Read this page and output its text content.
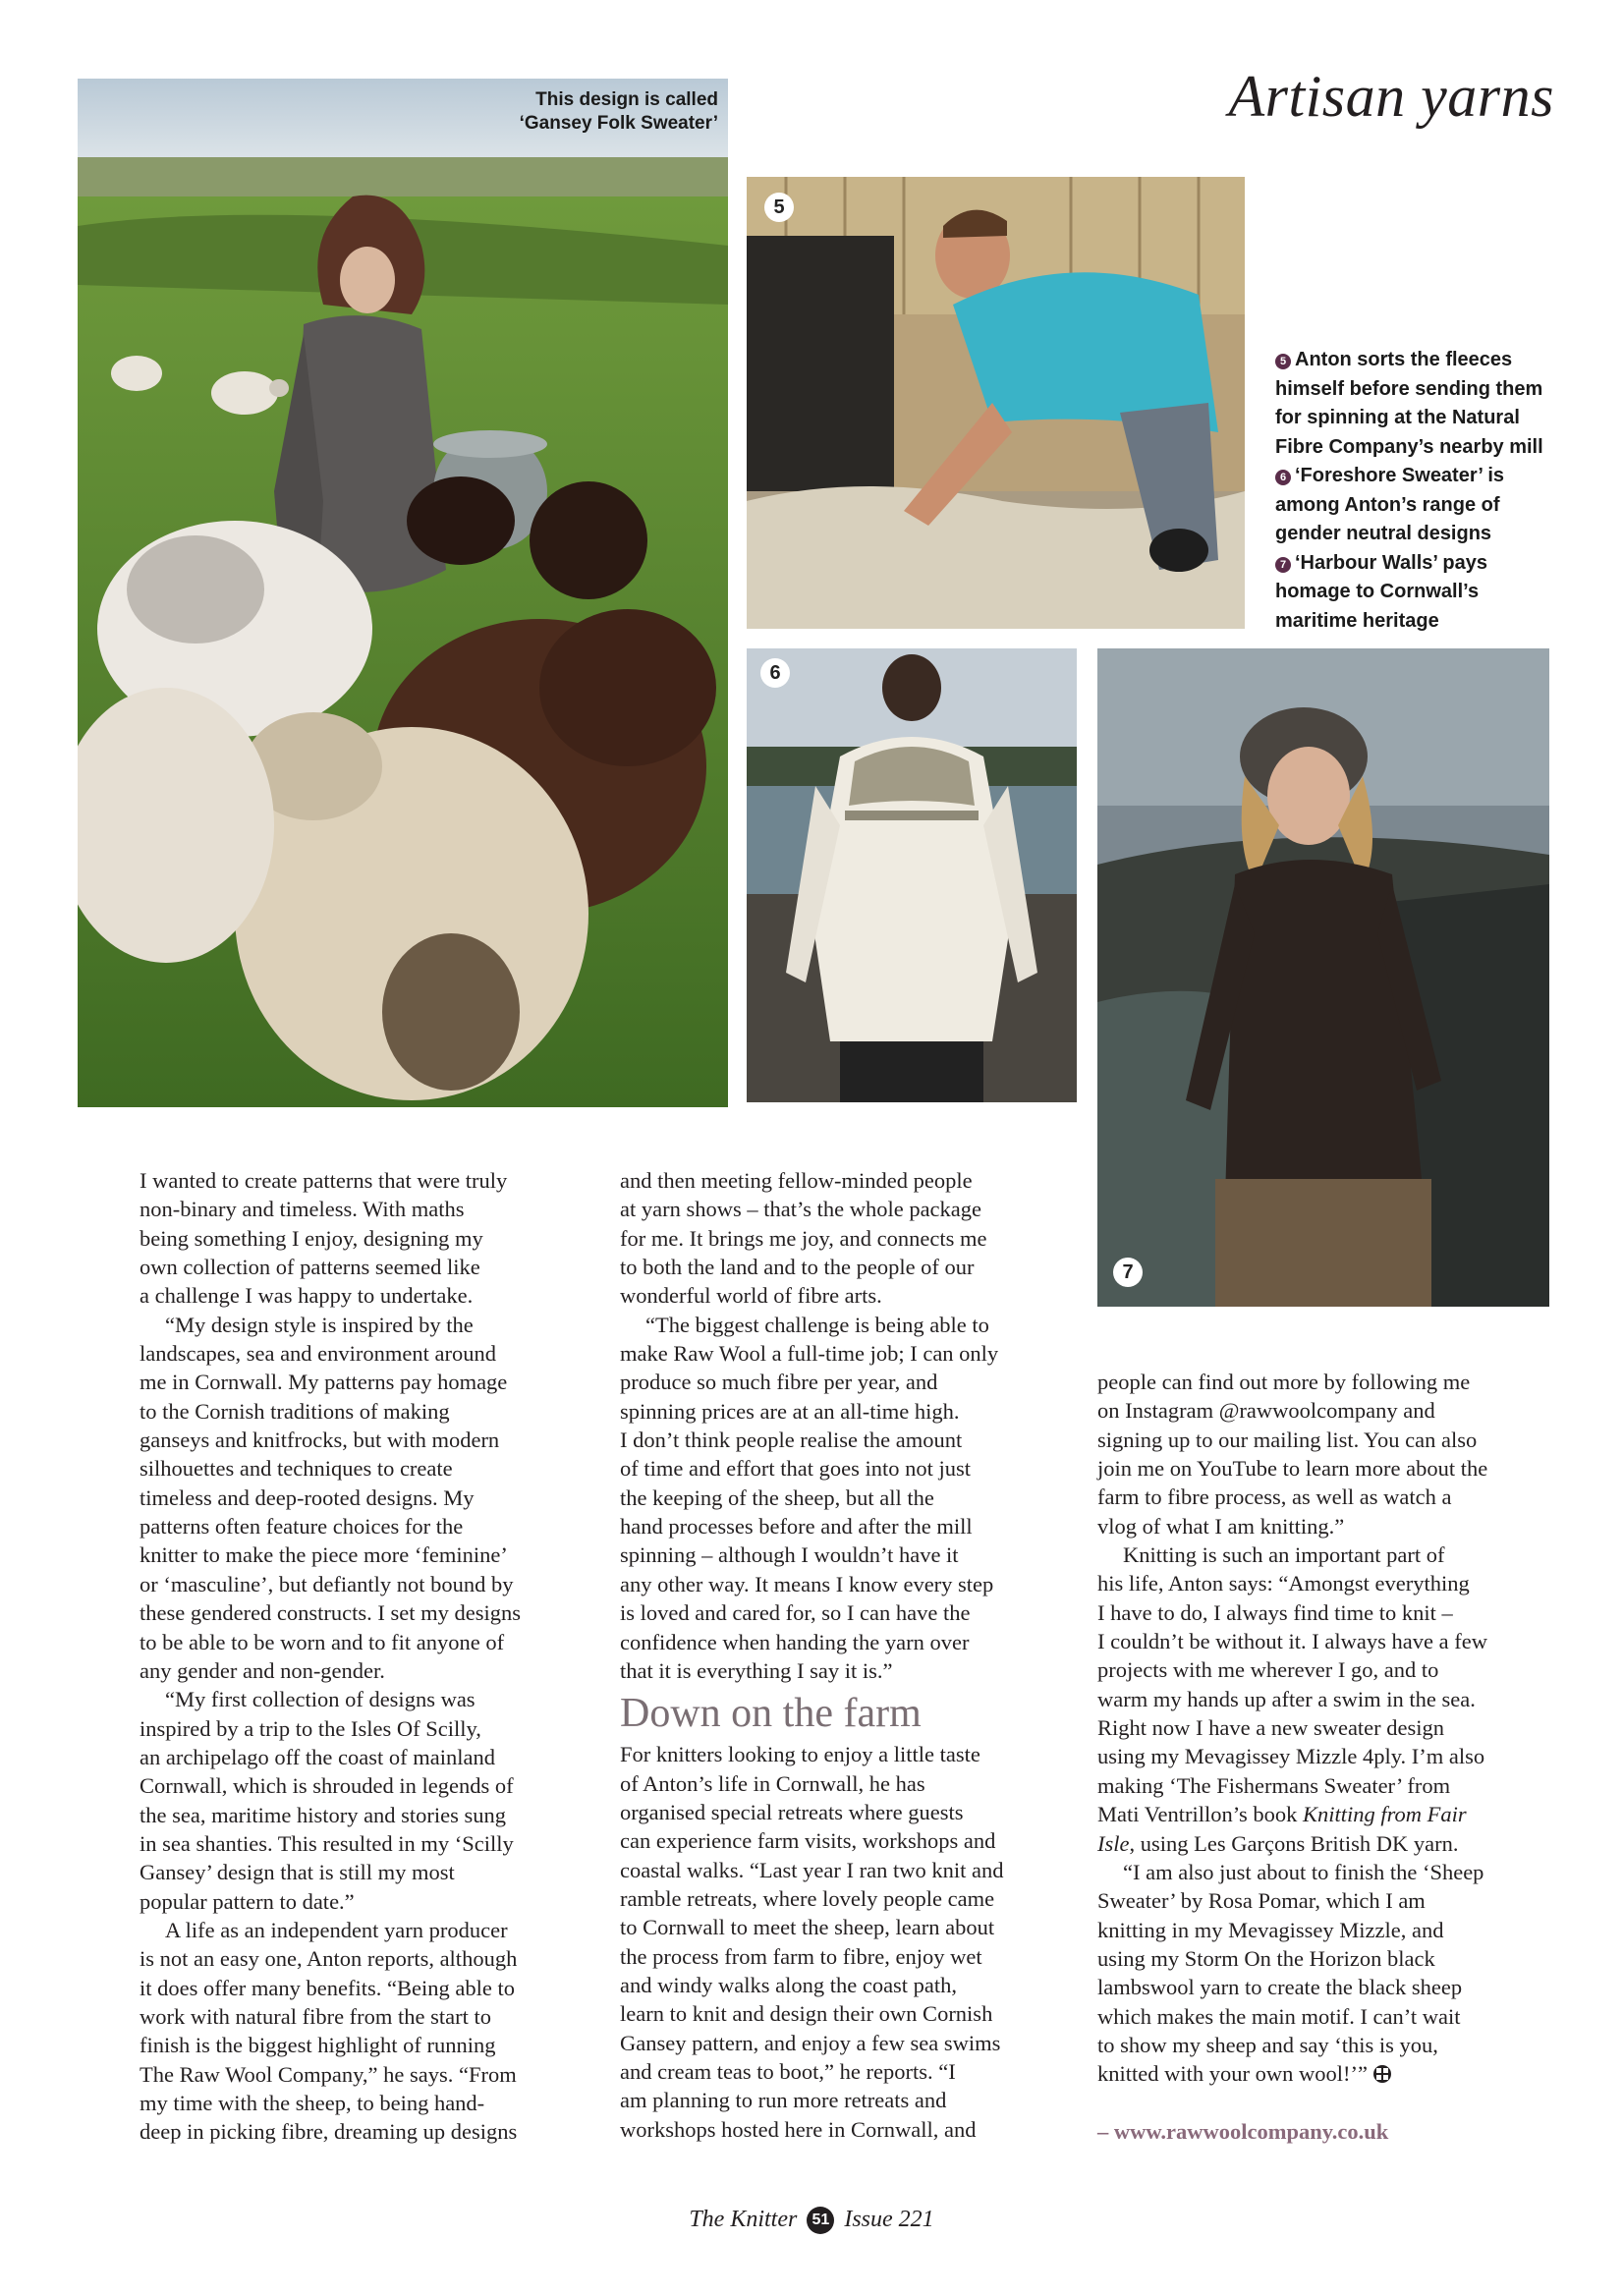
Artisan yarns
This design is called
‘Gansey Folk Sweater’
5
5 Anton sorts the fleeces
himself before sending them
for spinning at the Natural
Fibre Company’s nearby mill
6 ‘Foreshore Sweater’ is
among Anton’s range of
gender neutral designs
7 ‘Harbour Walls’ pays
homage to Cornwall’s
maritime heritage
6
7

I wanted to create patterns that were truly

non-binary and timeless. With maths

being something I enjoy, designing my

own collection of patterns seemed like

a challenge I was happy to undertake.

“My design style is inspired by the

landscapes, sea and environment around

me in Cornwall. My patterns pay homage

to the Cornish traditions of making

ganseys and knitfrocks, but with modern

silhouettes and techniques to create

timeless and deep-rooted designs. My

patterns often feature choices for the

knitter to make the piece more ‘feminine’

or ‘masculine’, but defiantly not bound by

these gendered constructs. I set my designs

to be able to be worn and to fit anyone of

any gender and non-gender.

“My first collection of designs was

inspired by a trip to the Isles Of Scilly,

an archipelago off the coast of mainland

Cornwall, which is shrouded in legends of

the sea, maritime history and stories sung

in sea shanties. This resulted in my ‘Scilly

Gansey’ design that is still my most

popular pattern to date.”

A life as an independent yarn producer

is not an easy one, Anton reports, although

it does offer many benefits. “Being able to

work with natural fibre from the start to

finish is the biggest highlight of running

The Raw Wool Company,” he says. “From

my time with the sheep, to being hand-

deep in picking fibre, dreaming up designs

and then meeting fellow-minded people

at yarn shows – that’s the whole package

for me. It brings me joy, and connects me

to both the land and to the people of our

wonderful world of fibre arts.

“The biggest challenge is being able to

make Raw Wool a full-time job; I can only

produce so much fibre per year, and

spinning prices are at an all-time high.

I don’t think people realise the amount

of time and effort that goes into not just

the keeping of the sheep, but all the

hand processes before and after the mill

spinning – although I wouldn’t have it

any other way. It means I know every step

is loved and cared for, so I can have the

confidence when handing the yarn over

that it is everything I say it is.”

Down on the farm

For knitters looking to enjoy a little taste

of Anton’s life in Cornwall, he has

organised special retreats where guests

can experience farm visits, workshops and

coastal walks. “Last year I ran two knit and

ramble retreats, where lovely people came

to Cornwall to meet the sheep, learn about

the process from farm to fibre, enjoy wet

and windy walks along the coast path,

learn to knit and design their own Cornish

Gansey pattern, and enjoy a few sea swims

and cream teas to boot,” he reports. “I

am planning to run more retreats and

workshops hosted here in Cornwall, and

people can find out more by following me

on Instagram @rawwoolcompany and

signing up to our mailing list. You can also

join me on YouTube to learn more about the

farm to fibre process, as well as watch a

vlog of what I am knitting.”

Knitting is such an important part of

his life, Anton says: “Amongst everything

I have to do, I always find time to knit –

I couldn’t be without it. I always have a few

projects with me wherever I go, and to

warm my hands up after a swim in the sea.

Right now I have a new sweater design

using my Mevagissey Mizzle 4ply. I’m also

making ‘The Fishermans Sweater’ from

Mati Ventrillon’s book Knitting from Fair

Isle, using Les Garçons British DK yarn.

“I am also just about to finish the ‘Sheep

Sweater’ by Rosa Pomar, which I am

knitting in my Mevagissey Mizzle, and

using my Storm On the Horizon black

lambswool yarn to create the black sheep

which makes the main motif. I can’t wait

to show my sheep and say ‘this is you,

knitted with your own wool!’”

– www.rawwoolcompany.co.uk

The Knitter 51 Issue 221
